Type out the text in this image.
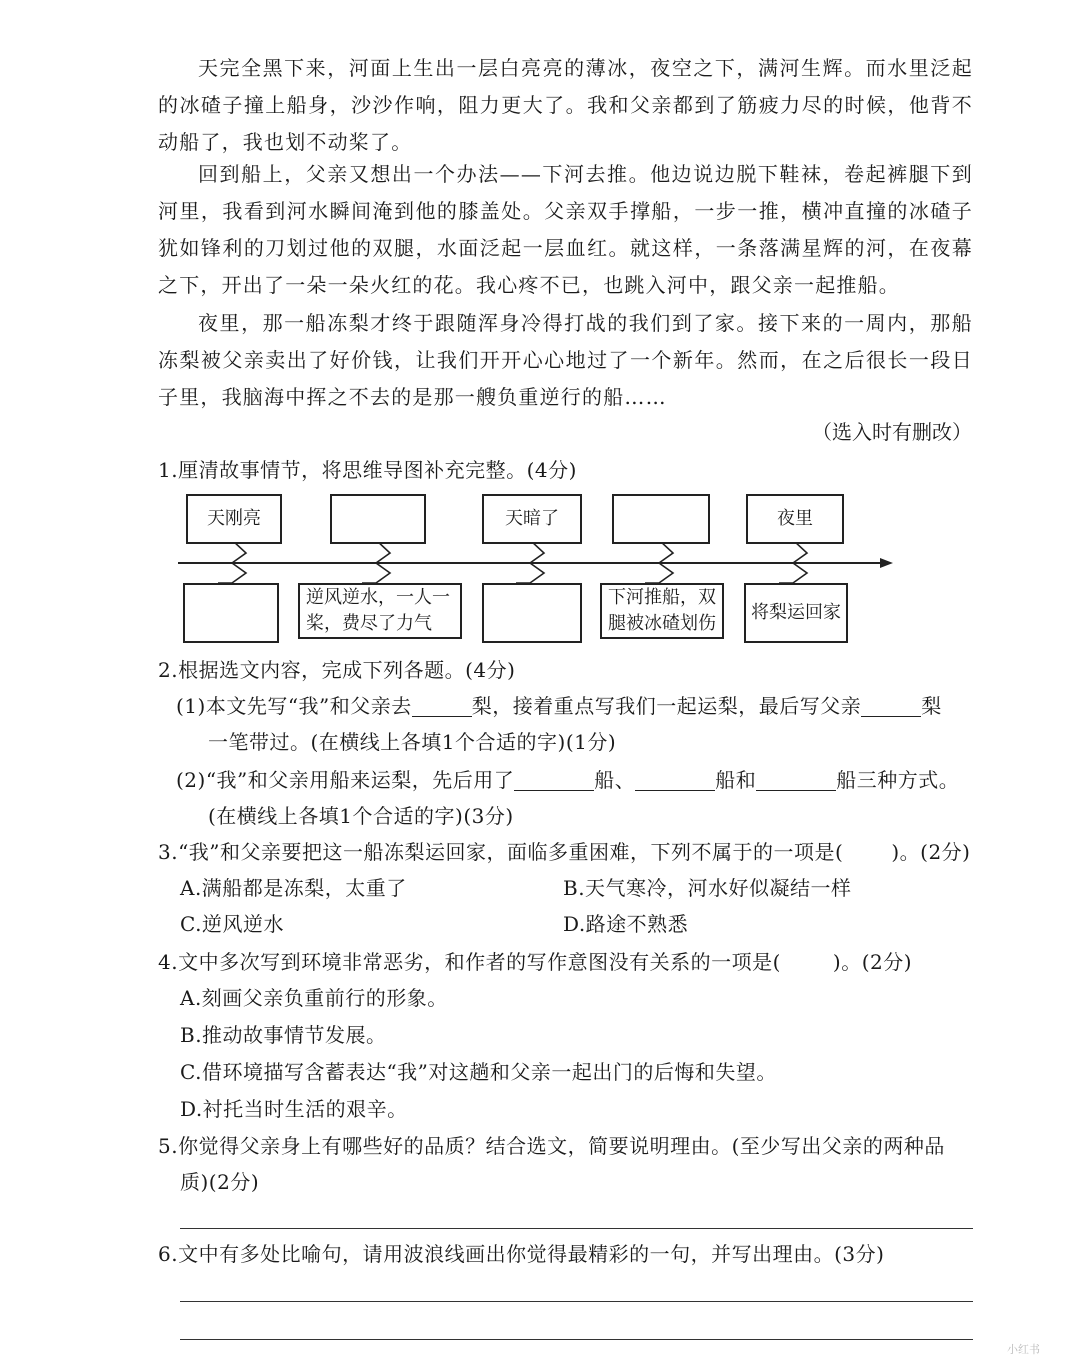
天完全黑下来，河面上生出一层白亮亮的薄冰，夜空之下，满河生辉。而水里泛起的冰碴子撞上船身，沙沙作响，阻力更大了。我和父亲都到了筋疲力尽的时候，他背不动船了，我也划不动桨了。

回到船上，父亲又想出一个办法——下河去推。他边说边脱下鞋袜，卷起裤腿下到河里，我看到河水瞬间淹到他的膝盖处。父亲双手撑船，一步一推，横冲直撞的冰碴子犹如锋利的刀划过他的双腿，水面泛起一层血红。就这样，一条落满星辉的河，在夜幕之下，开出了一朵一朵火红的花。我心疼不已，也跳入河中，跟父亲一起推船。

夜里，那一船冻梨才终于跟随浑身冷得打战的我们到了家。接下来的一周内，那船冻梨被父亲卖出了好价钱，让我们开开心心地过了一个新年。然而，在之后很长一段日子里，我脑海中挥之不去的是那一艘负重逆行的船……

（选入时有删改）
1.厘清故事情节，将思维导图补充完整。(4分)
天刚亮	天暗了	夜里
逆风逆水，一人一桨，费尽了力气
下河推船，双腿被冰碴划伤
将梨运回家
2.根据选文内容，完成下列各题。(4分)
(1)本文先写“我”和父亲去	梨，接着重点写我们一起运梨，最后写父亲	梨
一笔带过。(在横线上各填1个合适的字)(1分)
(2)“我”和父亲用船来运梨，先后用了	船、	船和	船三种方式。
(在横线上各填1个合适的字)(3分)
3.“我”和父亲要把这一船冻梨运回家，面临多重困难，下列不属于的一项是( )。(2分)
A.满船都是冻梨，太重了	B.天气寒冷，河水好似凝结一样
C.逆风逆水	D.路途不熟悉
4.文中多次写到环境非常恶劣，和作者的写作意图没有关系的一项是(	)。(2分)
A.刻画父亲负重前行的形象。
B.推动故事情节发展。
C.借环境描写含蓄表达“我”对这趟和父亲一起出门的后悔和失望。
D.衬托当时生活的艰辛。
5.你觉得父亲身上有哪些好的品质？结合选文，简要说明理由。(至少写出父亲的两种品
质)(2分)
6.文中有多处比喻句，请用波浪线画出你觉得最精彩的一句，并写出理由。(3分)
小红书
